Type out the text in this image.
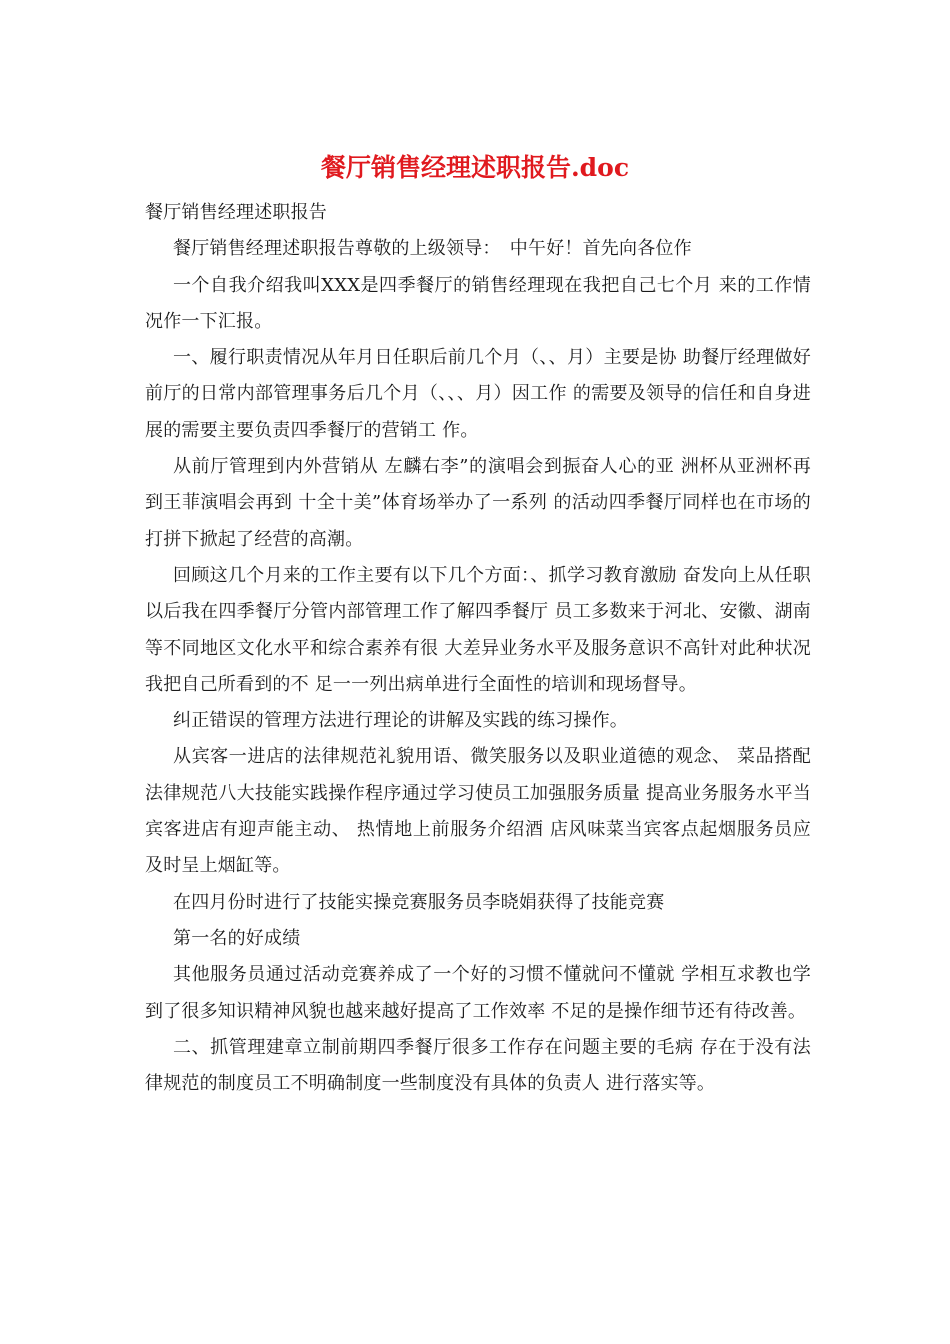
餐厅销售经理述职报告.doc

餐厅销售经理述职报告

餐厅销售经理述职报告尊敬的上级领导：　中午好！首先向各位作

一个自我介绍我叫XXX是四季餐厅的销售经理现在我把自己七个月 来的工作情况作一下汇报。

一、履行职责情况从年月日任职后前几个月（、、月）主要是协 助餐厅经理做好前厅的日常内部管理事务后几个月（、、、月）因工作 的需要及领导的信任和自身进展的需要主要负责四季餐厅的营销工 作。

从前厅管理到内外营销从 左麟右李”的演唱会到振奋人心的亚 洲杯从亚洲杯再到王菲演唱会再到 十全十美”体育场举办了一系列 的活动四季餐厅同样也在市场的打拼下掀起了经营的高潮。

回顾这几个月来的工作主要有以下几个方面：、抓学习教育激励 奋发向上从任职以后我在四季餐厅分管内部管理工作了解四季餐厅 员工多数来于河北、安徽、湖南等不同地区文化水平和综合素养有很 大差异业务水平及服务意识不高针对此种状况我把自己所看到的不 足一一列出病单进行全面性的培训和现场督导。

纠正错误的管理方法进行理论的讲解及实践的练习操作。

从宾客一进店的法律规范礼貌用语、微笑服务以及职业道德的观念、 菜品搭配法律规范八大技能实践操作程序通过学习使员工加强服务质量 提高业务服务水平当宾客进店有迎声能主动、 热情地上前服务介绍酒 店风味菜当宾客点起烟服务员应及时呈上烟缸等。

在四月份时进行了技能实操竞赛服务员李晓娟获得了技能竞赛

第一名的好成绩

其他服务员通过活动竞赛养成了一个好的习惯不懂就问不懂就 学相互求教也学到了很多知识精神风貌也越来越好提高了工作效率 不足的是操作细节还有待改善。

二、抓管理建章立制前期四季餐厅很多工作存在问题主要的毛病 存在于没有法律规范的制度员工不明确制度一些制度没有具体的负责人 进行落实等。
